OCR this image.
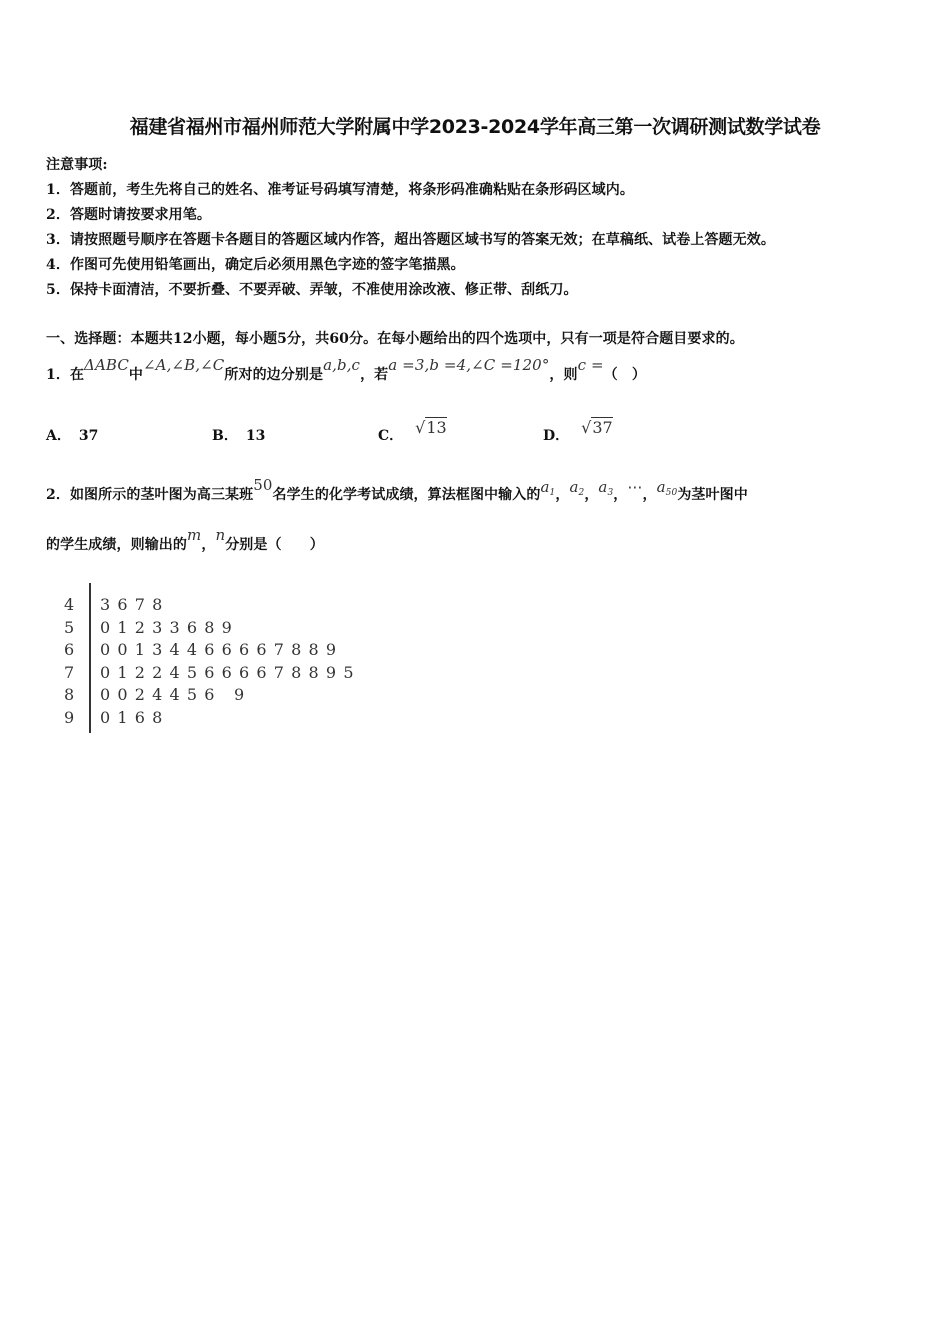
福建省福州市福州师范大学附属中学2023-2024学年高三第一次调研测试数学试卷
注意事项:
1．答题前，考生先将自己的姓名、准考证号码填写清楚，将条形码准确粘贴在条形码区域内。
2．答题时请按要求用笔。
3．请按照题号顺序在答题卡各题目的答题区域内作答，超出答题区域书写的答案无效；在草稿纸、试卷上答题无效。
4．作图可先使用铅笔画出，确定后必须用黑色字迹的签字笔描黑。
5．保持卡面清洁，不要折叠、不要弄破、弄皱，不准使用涂改液、修正带、刮纸刀。
一、选择题：本题共12小题，每小题5分，共60分。在每小题给出的四个选项中，只有一项是符合题目要求的。
1．在ΔABC中∠A,∠B,∠C所对的边分别是a,b,c，若a =3,b =4,∠C =120°，则c =（　）
A． 37	B． 13	C． √13	D． √37
2．如图所示的茎叶图为高三某班50名学生的化学考试成绩，算法框图中输入的$a_1$，$a_2$，$a_3$，⋯，$a_{50}$为茎叶图中
的学生成绩，则输出的m，n分别是（　　）
4 3678
5 01233689
6 00134466667889
7 012245666678895
8 0024456 9
9 0168
